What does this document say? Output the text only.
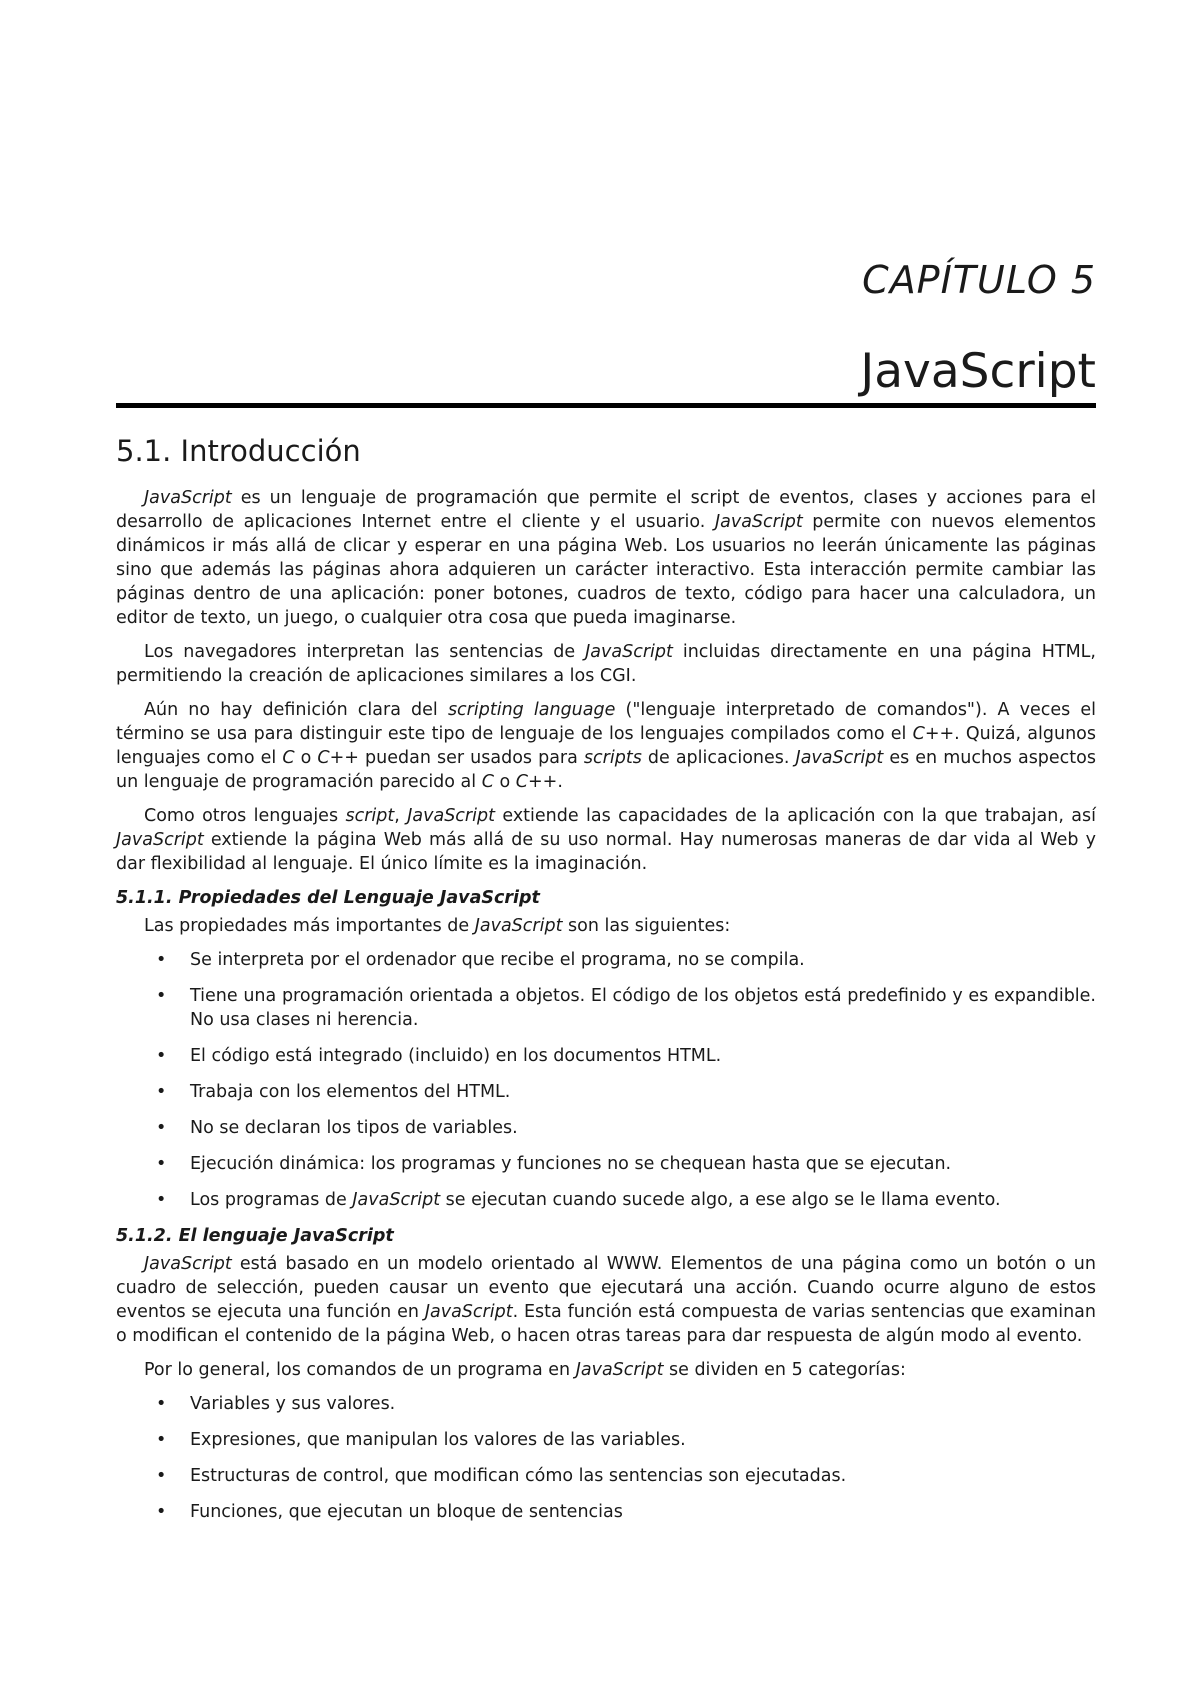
CAPÍTULO 5
JavaScript
5.1. Introducción

JavaScript es un lenguaje de programación que permite el script de eventos, clases y acciones para el desarrollo de aplicaciones Internet entre el cliente y el usuario. JavaScript permite con nuevos elementos dinámicos ir más allá de clicar y esperar en una página Web. Los usuarios no leerán únicamente las páginas sino que además las páginas ahora adquieren un carácter interactivo. Esta interacción permite cambiar las páginas dentro de una aplicación: poner botones, cuadros de texto, código para hacer una calculadora, un editor de texto, un juego, o cualquier otra cosa que pueda imaginarse.

Los navegadores interpretan las sentencias de JavaScript incluidas directamente en una página HTML, permitiendo la creación de aplicaciones similares a los CGI.

Aún no hay definición clara del scripting language ("lenguaje interpretado de comandos"). A veces el término se usa para distinguir este tipo de lenguaje de los lenguajes compilados como el C++. Quizá, algunos lenguajes como el C o C++ puedan ser usados para scripts de aplicaciones. JavaScript es en muchos aspectos un lenguaje de programación parecido al C o C++.

Como otros lenguajes script, JavaScript extiende las capacidades de la aplicación con la que trabajan, así JavaScript extiende la página Web más allá de su uso normal. Hay numerosas maneras de dar vida al Web y dar flexibilidad al lenguaje. El único límite es la imaginación.

5.1.1. Propiedades del Lenguaje JavaScript

Las propiedades más importantes de JavaScript son las siguientes:

• Se interpreta por el ordenador que recibe el programa, no se compila.
• Tiene una programación orientada a objetos. El código de los objetos está predefinido y es expandible. No usa clases ni herencia.
• El código está integrado (incluido) en los documentos HTML.
• Trabaja con los elementos del HTML.
• No se declaran los tipos de variables.
• Ejecución dinámica: los programas y funciones no se chequean hasta que se ejecutan.
• Los programas de JavaScript se ejecutan cuando sucede algo, a ese algo se le llama evento.
5.1.2. El lenguaje JavaScript

JavaScript está basado en un modelo orientado al WWW. Elementos de una página como un botón o un cuadro de selección, pueden causar un evento que ejecutará una acción. Cuando ocurre alguno de estos eventos se ejecuta una función en JavaScript. Esta función está compuesta de varias sentencias que examinan o modifican el contenido de la página Web, o hacen otras tareas para dar respuesta de algún modo al evento.

Por lo general, los comandos de un programa en JavaScript se dividen en 5 categorías:

• Variables y sus valores.
• Expresiones, que manipulan los valores de las variables.
• Estructuras de control, que modifican cómo las sentencias son ejecutadas.
• Funciones, que ejecutan un bloque de sentencias
